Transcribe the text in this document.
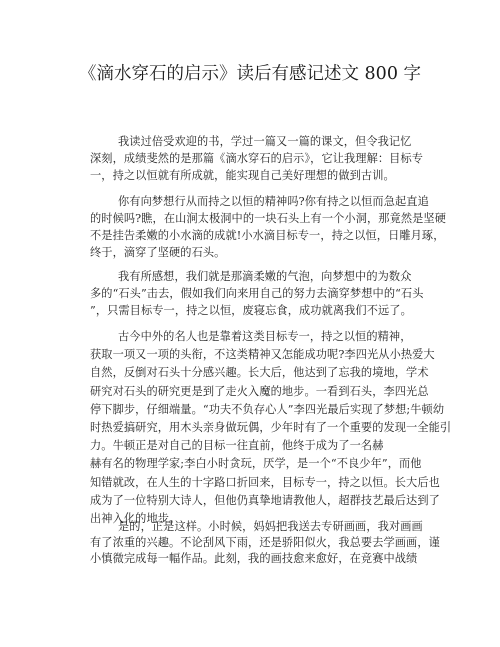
《滴水穿石的启示》读后有感记述文 800 字
我读过倍受欢迎的书，学过一篇又一篇的课文，但令我记忆
深刻，成绩斐然的是那篇《滴水穿石的启示》，它让我理解：目标专
一，持之以恒就有所成就，能实现自己美好理想的做到古训。
你有向梦想行从而持之以恒的精神吗?你有持之以恒而急起直追
的时候吗?瞧，在山涧太极洞中的一块石头上有一个小洞，那竟然是坚硬
不是挂告柔嫩的小水滴的成就!小水滴目标专一，持之以恒，日雕月琢，
终于，滴穿了坚硬的石头。
我有所感想，我们就是那滴柔嫩的气泡，向梦想中的为数众
多的“石头”击去，假如我们向来用自己的努力去滴穿梦想中的“石头
”，只需目标专一，持之以恒，废寝忘食，成功就离我们不远了。
古今中外的名人也是靠着这类目标专一，持之以恒的精神，
获取一项又一项的头衔，不这类精神又怎能成功呢?李四光从小热爱大
自然，反倒对石头十分感兴趣。长大后，他达到了忘我的境地，学术
研究对石头的研究更是到了走火入魔的地步。一看到石头，李四光总
停下脚步，仔细端量。“功夫不负存心人”李四光最后实现了梦想;牛顿幼
时热爱搞研究，用木头亲身做玩偶，少年时有了一个重要的发现一全能引
力。牛顿正是对自己的目标一往直前，他终于成为了一名赫
赫有名的物理学家;李白小时贪玩，厌学，是一个“不良少年”，而他
知错就改，在人生的十字路口折回来，目标专一，持之以恒。长大后也
成为了一位特别大诗人，但他仍真挚地请教他人，超群技艺最后达到了
出神入化的地步。
是的，正是这样。小时候，妈妈把我送去专研画画，我对画画
有了浓重的兴趣。不论刮风下雨，还是骄阳似火，我总要去学画画，谨
小慎微完成每一幅作品。此刻，我的画技愈来愈好，在竞赛中战绩
